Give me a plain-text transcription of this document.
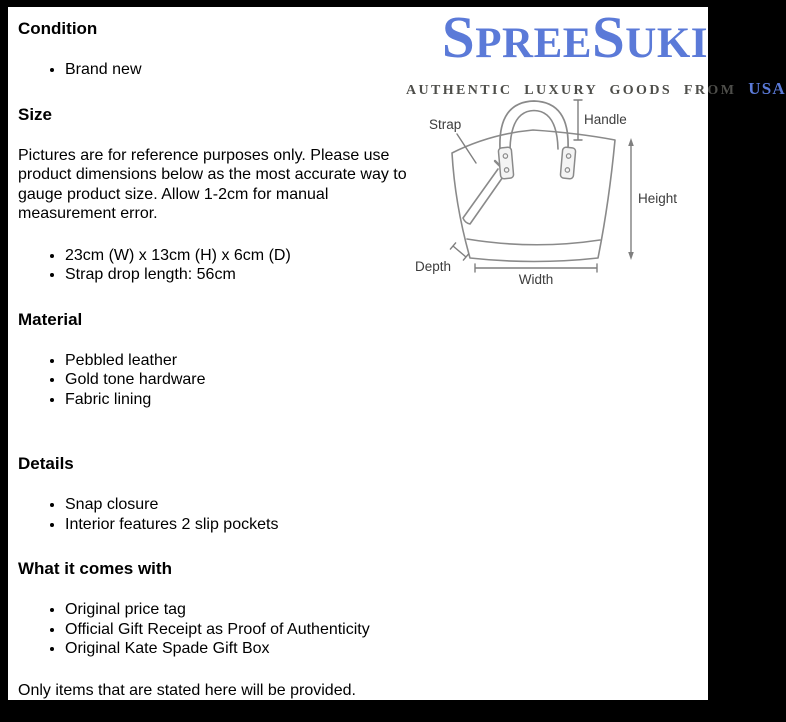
SPREESUKI
AUTHENTIC LUXURY GOODS FROM USA
Strap	Handle
Height
Depth
Width
Condition
• Brand new
Size

Pictures are for reference purposes only. Please use product dimensions below as the most accurate way to gauge product size. Allow 1-2cm for manual measurement error.

• 23cm (W) x 13cm (H) x 6cm (D)
• Strap drop length: 56cm
Material
• Pebbled leather
• Gold tone hardware
• Fabric lining
Details
• Snap closure
• Interior features 2 slip pockets
What it comes with
• Original price tag
• Official Gift Receipt as Proof of Authenticity
• Original Kate Spade Gift Box

Only items that are stated here will be provided.
